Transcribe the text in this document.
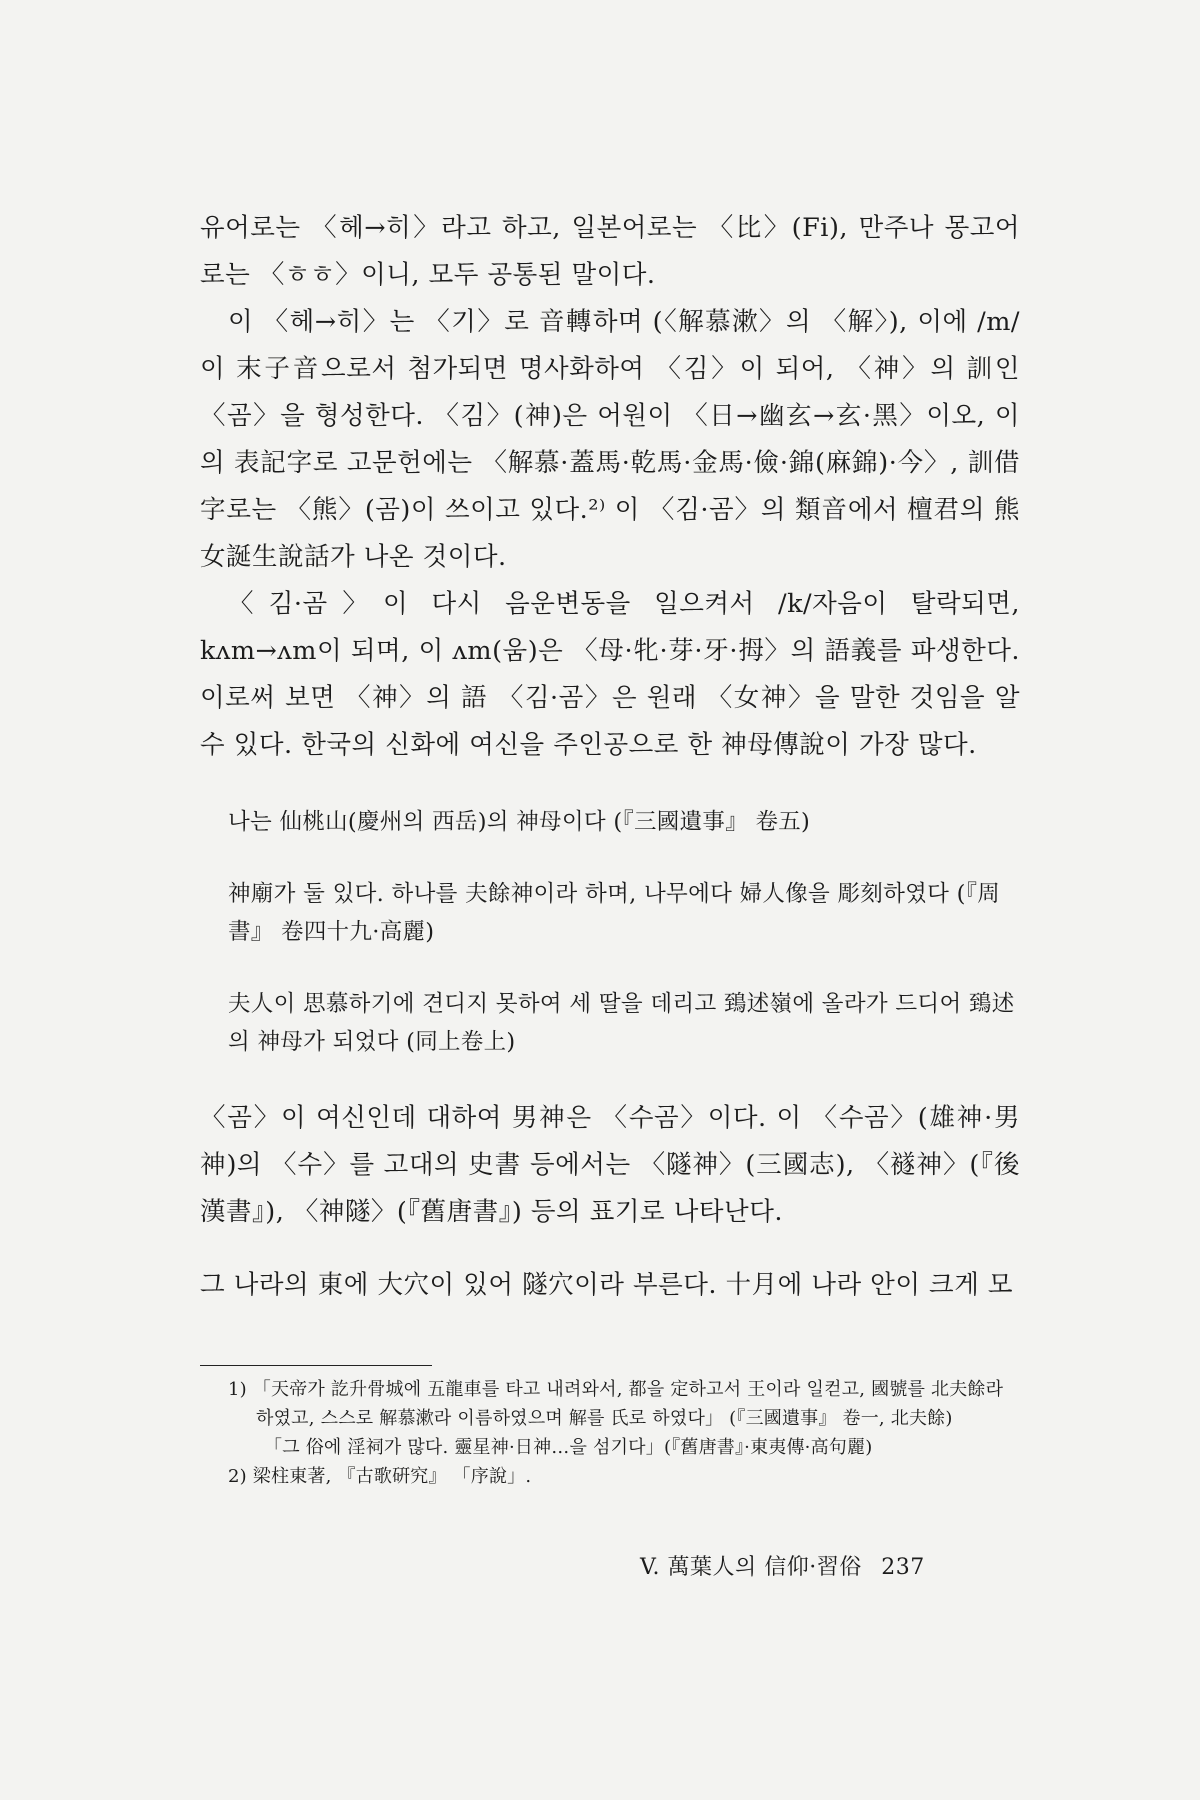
유어로는 〈헤→히〉라고 하고, 일본어로는 〈比〉(Fi), 만주나 몽고어로는 〈ㅎㅎ〉이니, 모두 공통된 말이다.

이 〈헤→히〉는 〈기〉로 音轉하며 (〈解慕漱〉의 〈解〉), 이에 /m/이 末子音으로서 첨가되면 명사화하여 〈김〉이 되어, 〈神〉의 訓인 〈곰〉을 형성한다. 〈김〉(神)은 어원이 〈日→幽玄→玄·黑〉이오, 이의 表記字로 고문헌에는 〈解慕·蓋馬·乾馬·金馬·儉·錦(麻錦)·今〉, 訓借字로는 〈熊〉(곰)이 쓰이고 있다.²⁾ 이 〈김·곰〉의 類音에서 檀君의 熊女誕生說話가 나온 것이다.

〈김·곰〉이 다시 음운변동을 일으켜서 /k/자음이 탈락되면, kʌm→ʌm이 되며, 이 ʌm(움)은 〈母·牝·芽·牙·拇〉의 語義를 파생한다. 이로써 보면 〈神〉의 語 〈김·곰〉은 원래 〈女神〉을 말한 것임을 알 수 있다. 한국의 신화에 여신을 주인공으로 한 神母傳說이 가장 많다.

나는 仙桃山(慶州의 西岳)의 神母이다 (『三國遺事』 卷五)

神廟가 둘 있다. 하나를 夫餘神이라 하며, 나무에다 婦人像을 彫刻하였다 (『周書』 卷四十九·高麗)

夫人이 思慕하기에 견디지 못하여 세 딸을 데리고 鵄述嶺에 올라가 드디어 鵄述의 神母가 되었다 (同上卷上)

〈곰〉이 여신인데 대하여 男神은 〈수곰〉이다. 이 〈수곰〉(雄神·男神)의 〈수〉를 고대의 史書 등에서는 〈隧神〉(三國志), 〈襚神〉(『後漢書』), 〈神隧〉(『舊唐書』) 등의 표기로 나타난다.

그 나라의 東에 大穴이 있어 隧穴이라 부른다. 十月에 나라 안이 크게 모

1) 「天帝가 訖升骨城에 五龍車를 타고 내려와서, 都을 定하고서 王이라 일컫고, 國號를 北夫餘라 하였고, 스스로 解慕漱라 이름하였으며 解를 氏로 하였다」 (『三國遺事』 卷一, 北夫餘)

「그 俗에 淫祠가 많다. 靈星神·日神…을 섬기다」(『舊唐書』·東夷傳·高句麗)

2) 梁柱東著, 『古歌硏究』 「序說」.

V. 萬葉人의 信仰·習俗 237
